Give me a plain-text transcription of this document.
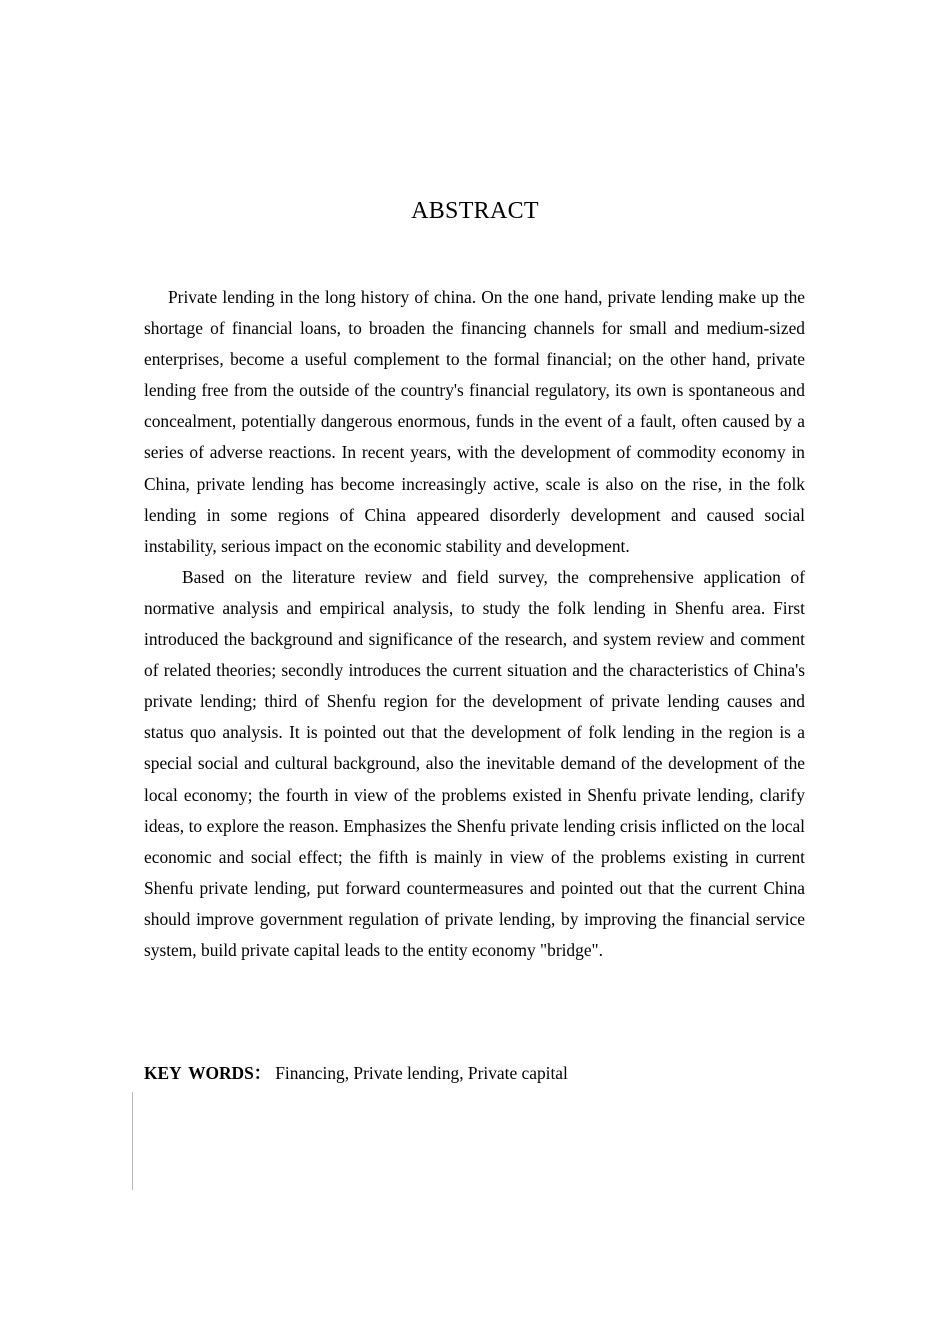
ABSTRACT

Private lending in the long history of china. On the one hand, private lending make up the shortage of financial loans, to broaden the financing channels for small and medium-sized enterprises, become a useful complement to the formal financial; on the other hand, private lending free from the outside of the country's financial regulatory, its own is spontaneous and concealment, potentially dangerous enormous, funds in the event of a fault, often caused by a series of adverse reactions. In recent years, with the development of commodity economy in China, private lending has become increasingly active, scale is also on the rise, in the folk lending in some regions of China appeared disorderly development and caused social instability, serious impact on the economic stability and development.

Based on the literature review and field survey, the comprehensive application of normative analysis and empirical analysis, to study the folk lending in Shenfu area. First introduced the background and significance of the research, and system review and comment of related theories; secondly introduces the current situation and the characteristics of China's private lending; third of Shenfu region for the development of private lending causes and status quo analysis. It is pointed out that the development of folk lending in the region is a special social and cultural background, also the inevitable demand of the development of the local economy; the fourth in view of the problems existed in Shenfu private lending, clarify ideas, to explore the reason. Emphasizes the Shenfu private lending crisis inflicted on the local economic and social effect; the fifth is mainly in view of the problems existing in current Shenfu private lending, put forward countermeasures and pointed out that the current China should improve government regulation of private lending, by improving the financial service system, build private capital leads to the entity economy "bridge".

KEY WORDS： Financing, Private lending, Private capital
